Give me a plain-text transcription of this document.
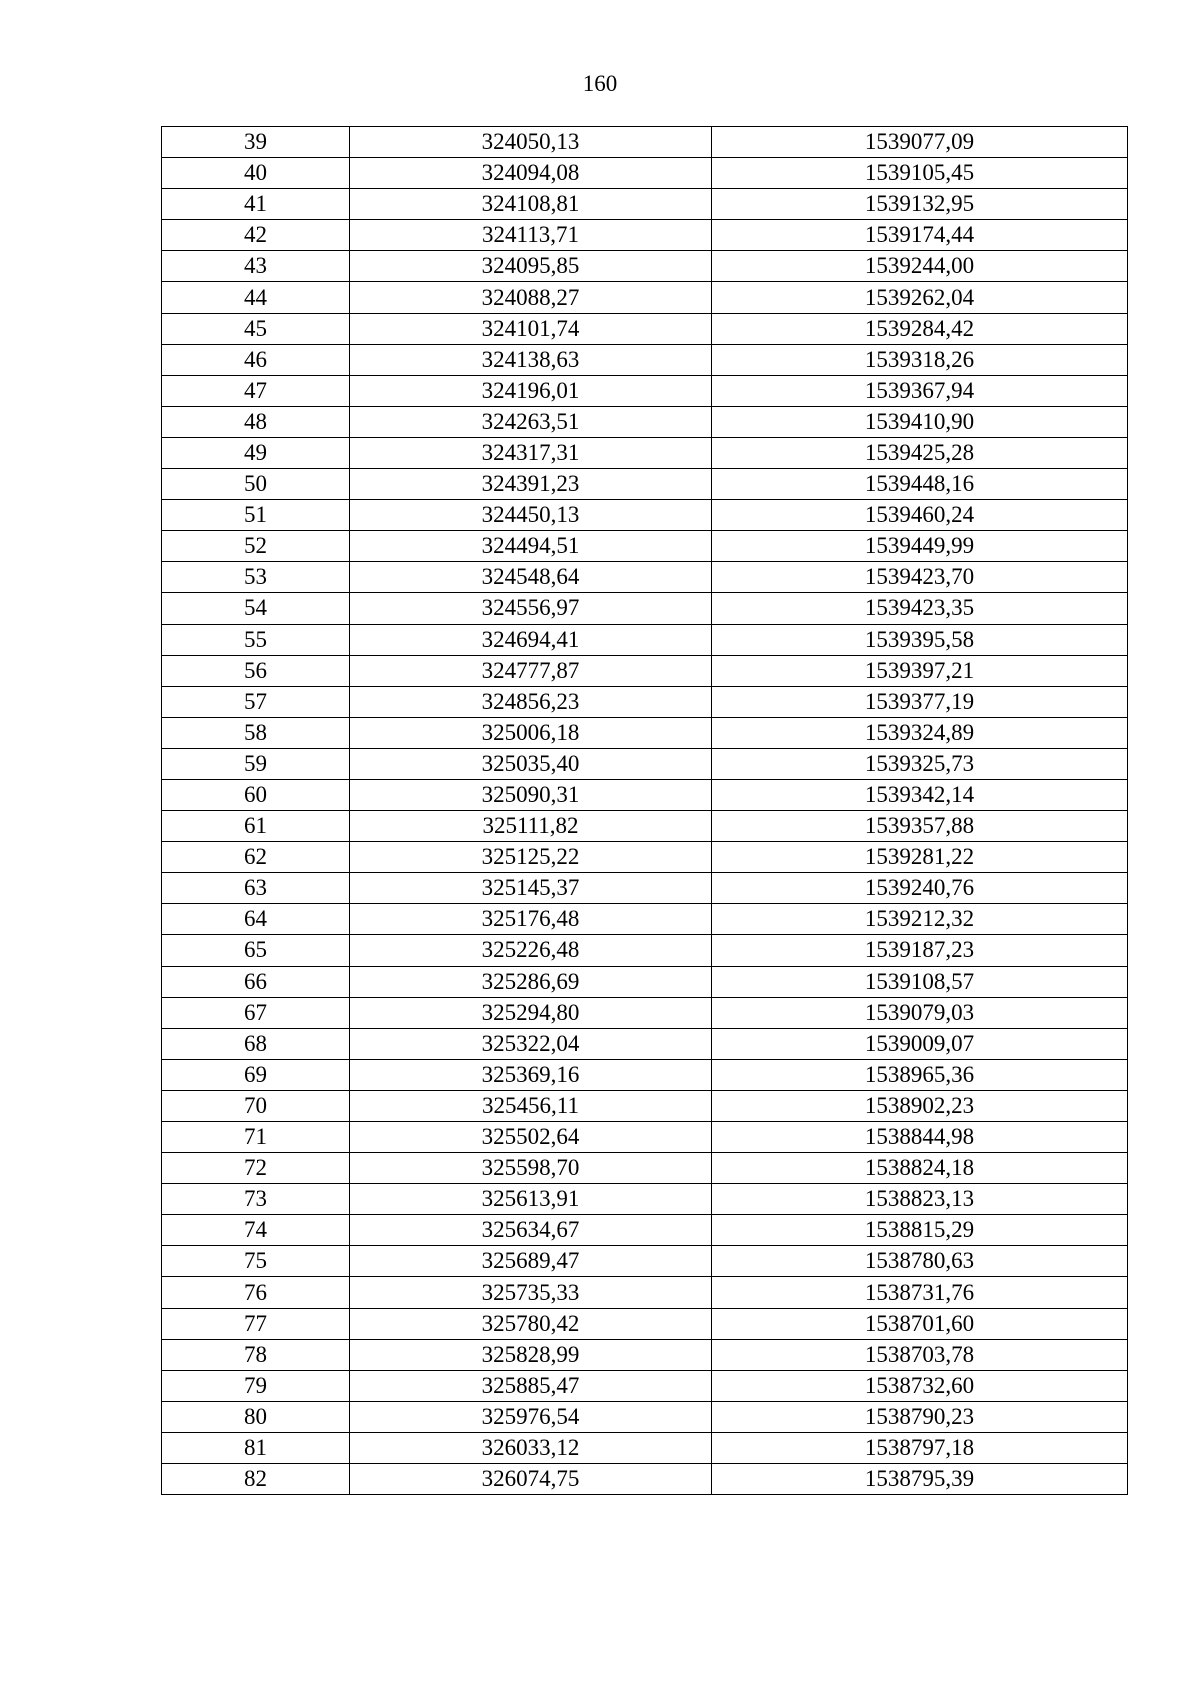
160
39	324050,13	1539077,09
40	324094,08	1539105,45
41	324108,81	1539132,95
42	324113,71	1539174,44
43	324095,85	1539244,00
44	324088,27	1539262,04
45	324101,74	1539284,42
46	324138,63	1539318,26
47	324196,01	1539367,94
48	324263,51	1539410,90
49	324317,31	1539425,28
50	324391,23	1539448,16
51	324450,13	1539460,24
52	324494,51	1539449,99
53	324548,64	1539423,70
54	324556,97	1539423,35
55	324694,41	1539395,58
56	324777,87	1539397,21
57	324856,23	1539377,19
58	325006,18	1539324,89
59	325035,40	1539325,73
60	325090,31	1539342,14
61	325111,82	1539357,88
62	325125,22	1539281,22
63	325145,37	1539240,76
64	325176,48	1539212,32
65	325226,48	1539187,23
66	325286,69	1539108,57
67	325294,80	1539079,03
68	325322,04	1539009,07
69	325369,16	1538965,36
70	325456,11	1538902,23
71	325502,64	1538844,98
72	325598,70	1538824,18
73	325613,91	1538823,13
74	325634,67	1538815,29
75	325689,47	1538780,63
76	325735,33	1538731,76
77	325780,42	1538701,60
78	325828,99	1538703,78
79	325885,47	1538732,60
80	325976,54	1538790,23
81	326033,12	1538797,18
82	326074,75	1538795,39
